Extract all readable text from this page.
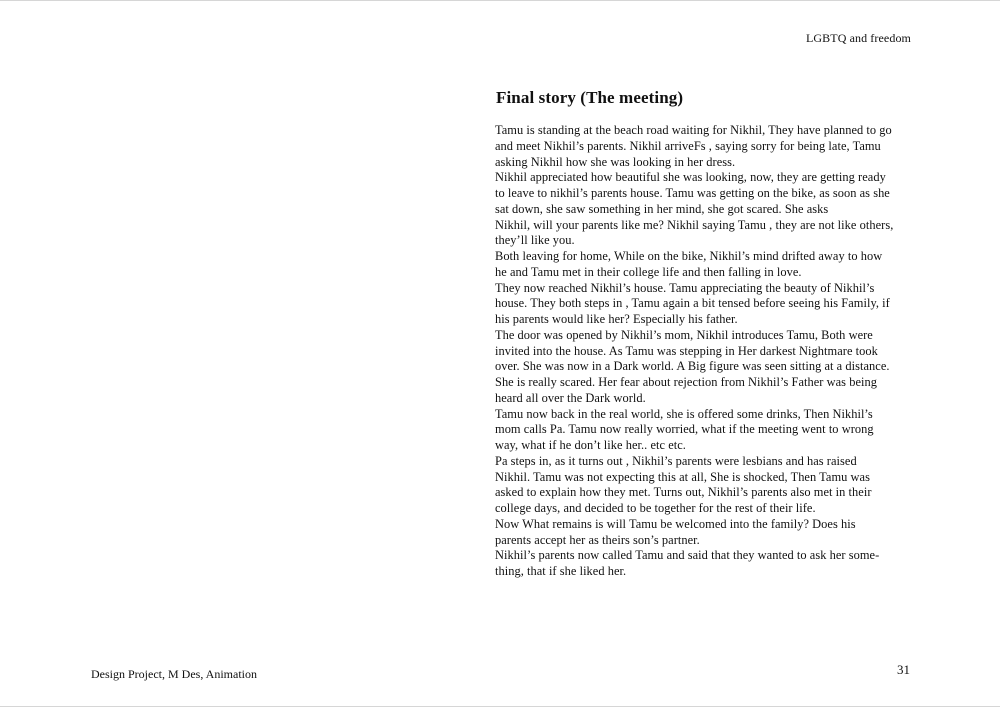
LGBTQ and freedom
Final story (The meeting)
Tamu is standing at the beach road waiting for Nikhil, They have planned to go
and meet Nikhil’s parents. Nikhil arriveFs , saying sorry for being late, Tamu
asking Nikhil how she was looking in her dress.
Nikhil appreciated how beautiful she was looking, now, they are getting ready
to leave to nikhil’s parents house. Tamu was getting on the bike, as soon as she
sat down, she saw something in her mind, she got scared. She asks
Nikhil, will your parents like me? Nikhil saying Tamu , they are not like others,
they’ll like you.
Both leaving for home, While on the bike, Nikhil’s mind drifted away to how
he and Tamu met in their college life and then falling in love.
They now reached Nikhil’s house. Tamu appreciating the beauty of Nikhil’s
house. They both steps in , Tamu again a bit tensed before seeing his Family, if
his parents would like her? Especially his father.
The door was opened by Nikhil’s mom, Nikhil introduces Tamu, Both were
invited into the house. As Tamu was stepping in Her darkest Nightmare took
over. She was now in a Dark world. A Big figure was seen sitting at a distance.
She is really scared. Her fear about rejection from Nikhil’s Father was being
heard all over the Dark world.
Tamu now back in the real world, she is offered some drinks, Then Nikhil’s
mom calls Pa. Tamu now really worried, what if the meeting went to wrong
way, what if he don’t like her.. etc etc.
Pa steps in, as it turns out , Nikhil’s parents were lesbians and has raised
Nikhil. Tamu was not expecting this at all, She is shocked, Then Tamu was
asked to explain how they met. Turns out, Nikhil’s parents also met in their
college days, and decided to be together for the rest of their life.
Now What remains is will Tamu be welcomed into the family? Does his
parents accept her as theirs son’s partner.
Nikhil’s parents now called Tamu and said that they wanted to ask her some-
thing, that if she liked her.
Design Project, M Des, Animation	31
